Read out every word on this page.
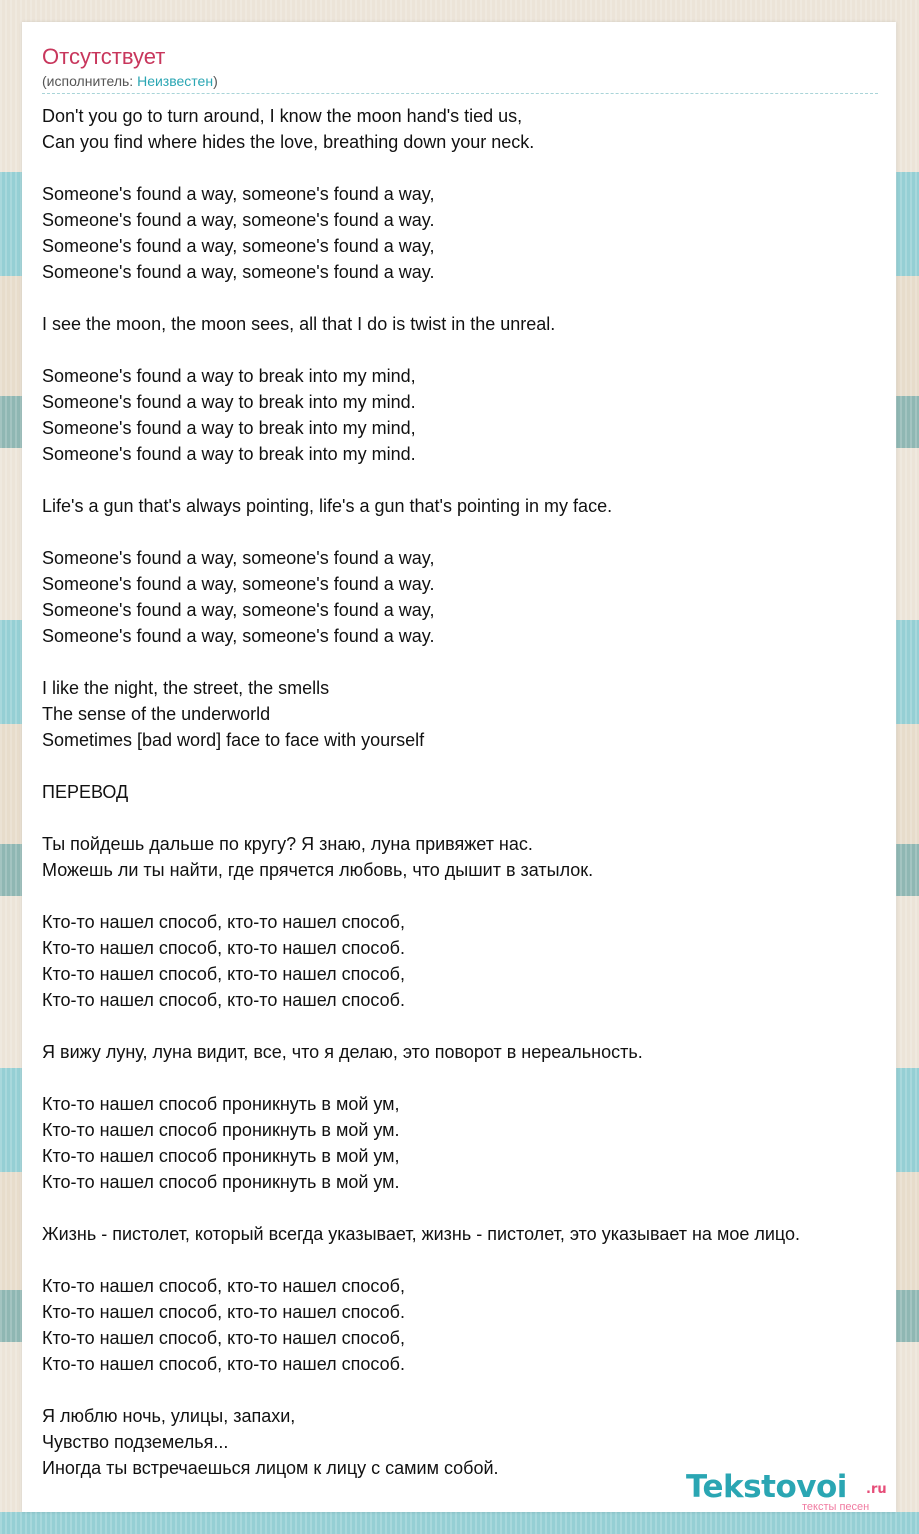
Отсутствует
(исполнитель: Неизвестен)
Don't you go to turn around, I know the moon hand's tied us,
Can you find where hides the love, breathing down your neck.
Someone's found a way, someone's found a way,
Someone's found a way, someone's found a way.
Someone's found a way, someone's found a way,
Someone's found a way, someone's found a way.
I see the moon, the moon sees, all that I do is twist in the unreal.
Someone's found a way to break into my mind,
Someone's found a way to break into my mind.
Someone's found a way to break into my mind,
Someone's found a way to break into my mind.
Life's a gun that's always pointing, life's a gun that's pointing in my face.
Someone's found a way, someone's found a way,
Someone's found a way, someone's found a way.
Someone's found a way, someone's found a way,
Someone's found a way, someone's found a way.
I like the night, the street, the smells
The sense of the underworld
Sometimes [bad word] face to face with yourself
ПЕРЕВОД
Ты пойдешь дальше по кругу? Я знаю, луна привяжет нас.
Можешь ли ты найти, где прячется любовь, что дышит в затылок.
Кто-то нашел способ, кто-то нашел способ,
Кто-то нашел способ, кто-то нашел способ.
Кто-то нашел способ, кто-то нашел способ,
Кто-то нашел способ, кто-то нашел способ.
Я вижу луну, луна видит, все, что я делаю, это поворот в нереальность.
Кто-то нашел способ проникнуть в мой ум,
Кто-то нашел способ проникнуть в мой ум.
Кто-то нашел способ проникнуть в мой ум,
Кто-то нашел способ проникнуть в мой ум.
Жизнь - пистолет, который всегда указывает, жизнь - пистолет, это указывает на мое лицо.
Кто-то нашел способ, кто-то нашел способ,
Кто-то нашел способ, кто-то нашел способ.
Кто-то нашел способ, кто-то нашел способ,
Кто-то нашел способ, кто-то нашел способ.
Я люблю ночь, улицы, запахи,
Чувство подземелья...
Иногда ты встречаешься лицом к лицу с самим собой.
Tekstovoi .ru
тексты песен
